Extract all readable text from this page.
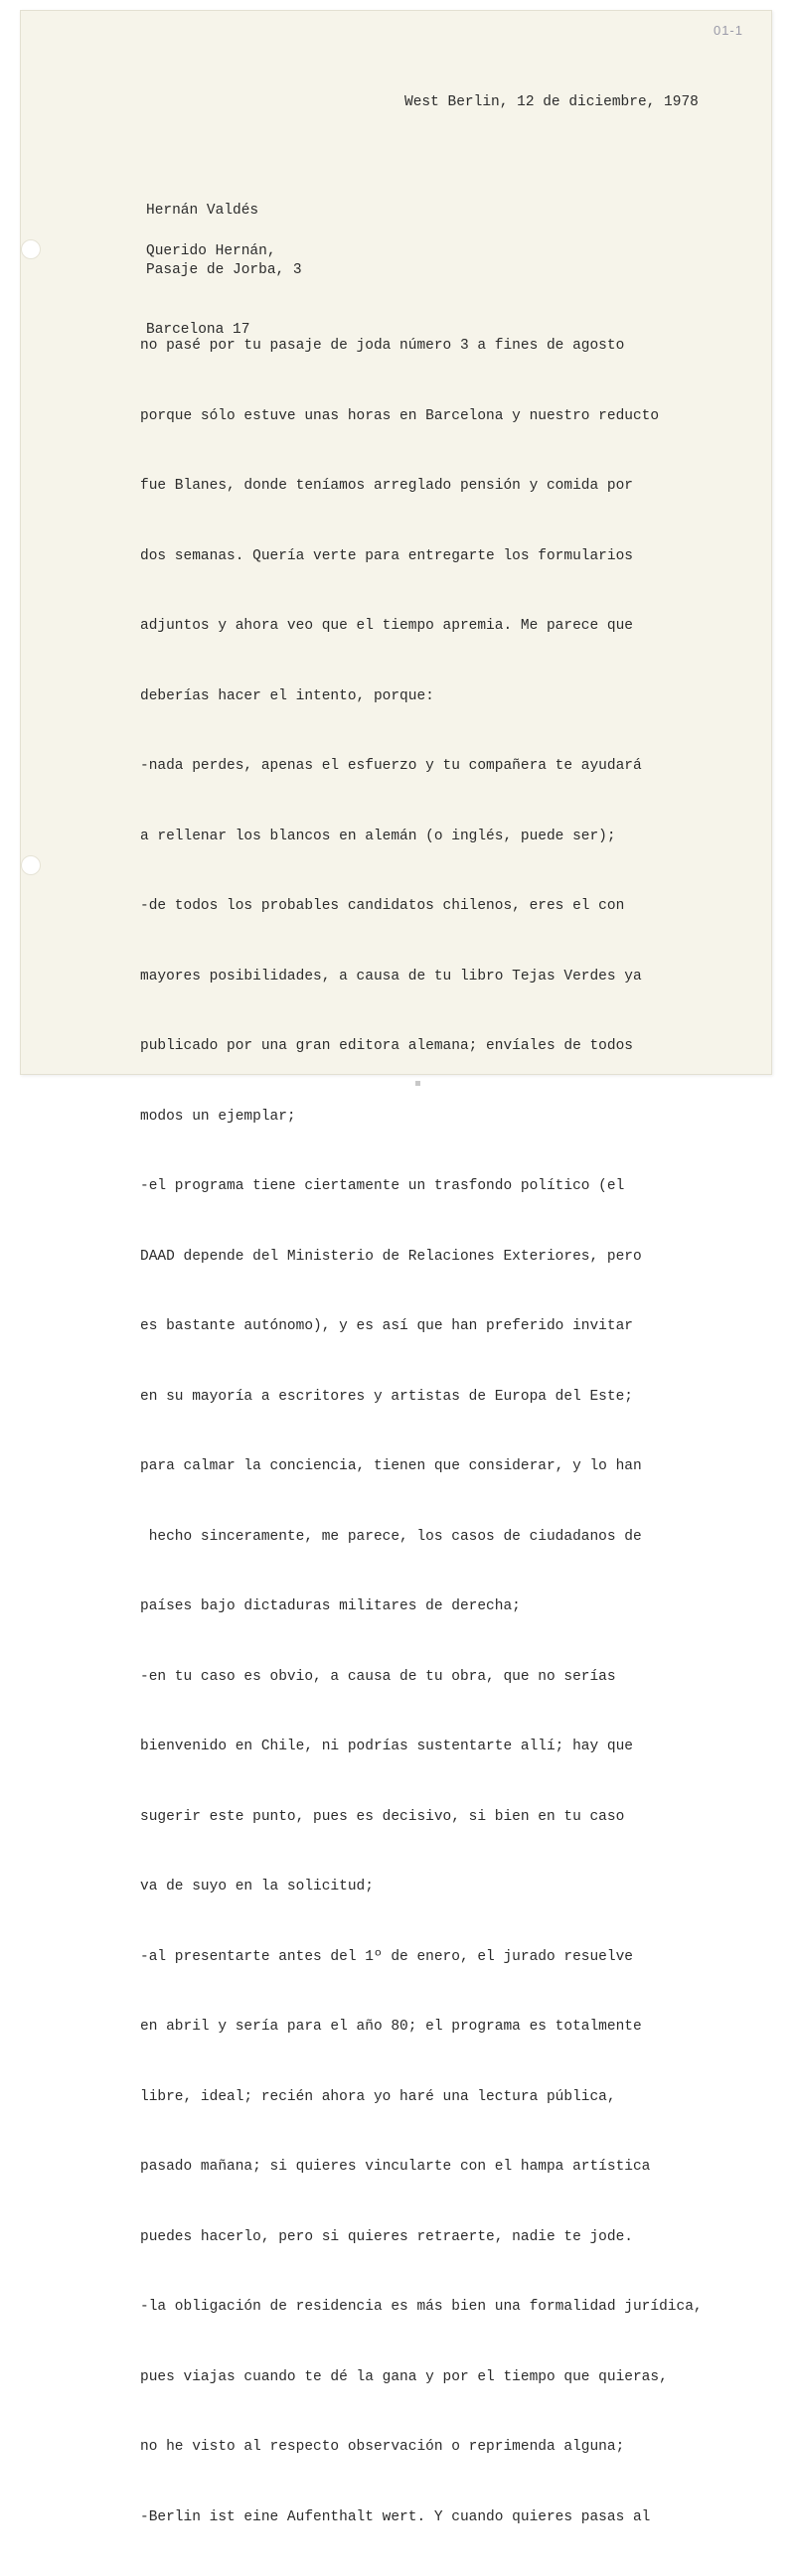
01-1
West Berlin, 12 de diciembre, 1978

Hernán Valdés

Pasaje de Jorba, 3

Barcelona 17

Querido Hernán,

no pasé por tu pasaje de joda número 3 a fines de agosto

porque sólo estuve unas horas en Barcelona y nuestro reducto

fue Blanes, donde teníamos arreglado pensión y comida por

dos semanas. Quería verte para entregarte los formularios

adjuntos y ahora veo que el tiempo apremia. Me parece que

deberías hacer el intento, porque:

-nada perdes, apenas el esfuerzo y tu compañera te ayudará

a rellenar los blancos en alemán (o inglés, puede ser);

-de todos los probables candidatos chilenos, eres el con

mayores posibilidades, a causa de tu libro Tejas Verdes ya

publicado por una gran editora alemana; envíales de todos

modos un ejemplar;

-el programa tiene ciertamente un trasfondo político (el

DAAD depende del Ministerio de Relaciones Exteriores, pero

es bastante autónomo), y es así que han preferido invitar

en su mayoría a escritores y artistas de Europa del Este;

para calmar la conciencia, tienen que considerar, y lo han

hecho sinceramente, me parece, los casos de ciudadanos de

países bajo dictaduras militares de derecha;

-en tu caso es obvio, a causa de tu obra, que no serías

bienvenido en Chile, ni podrías sustentarte allí; hay que

sugerir este punto, pues es decisivo, si bien en tu caso

va de suyo en la solicitud;

-al presentarte antes del 1º de enero, el jurado resuelve

en abril y sería para el año 80; el programa es totalmente

libre, ideal; recién ahora yo haré una lectura pública,

pasado mañana; si quieres vincularte con el hampa artística

puedes hacerlo, pero si quieres retraerte, nadie te jode.

-la obligación de residencia es más bien una formalidad jurídica,

pues viajas cuando te dé la gana y por el tiempo que quieras,

no he visto al respecto observación o reprimenda alguna;

-Berlin ist eine Aufenthalt wert. Y cuando quieres pasas al
